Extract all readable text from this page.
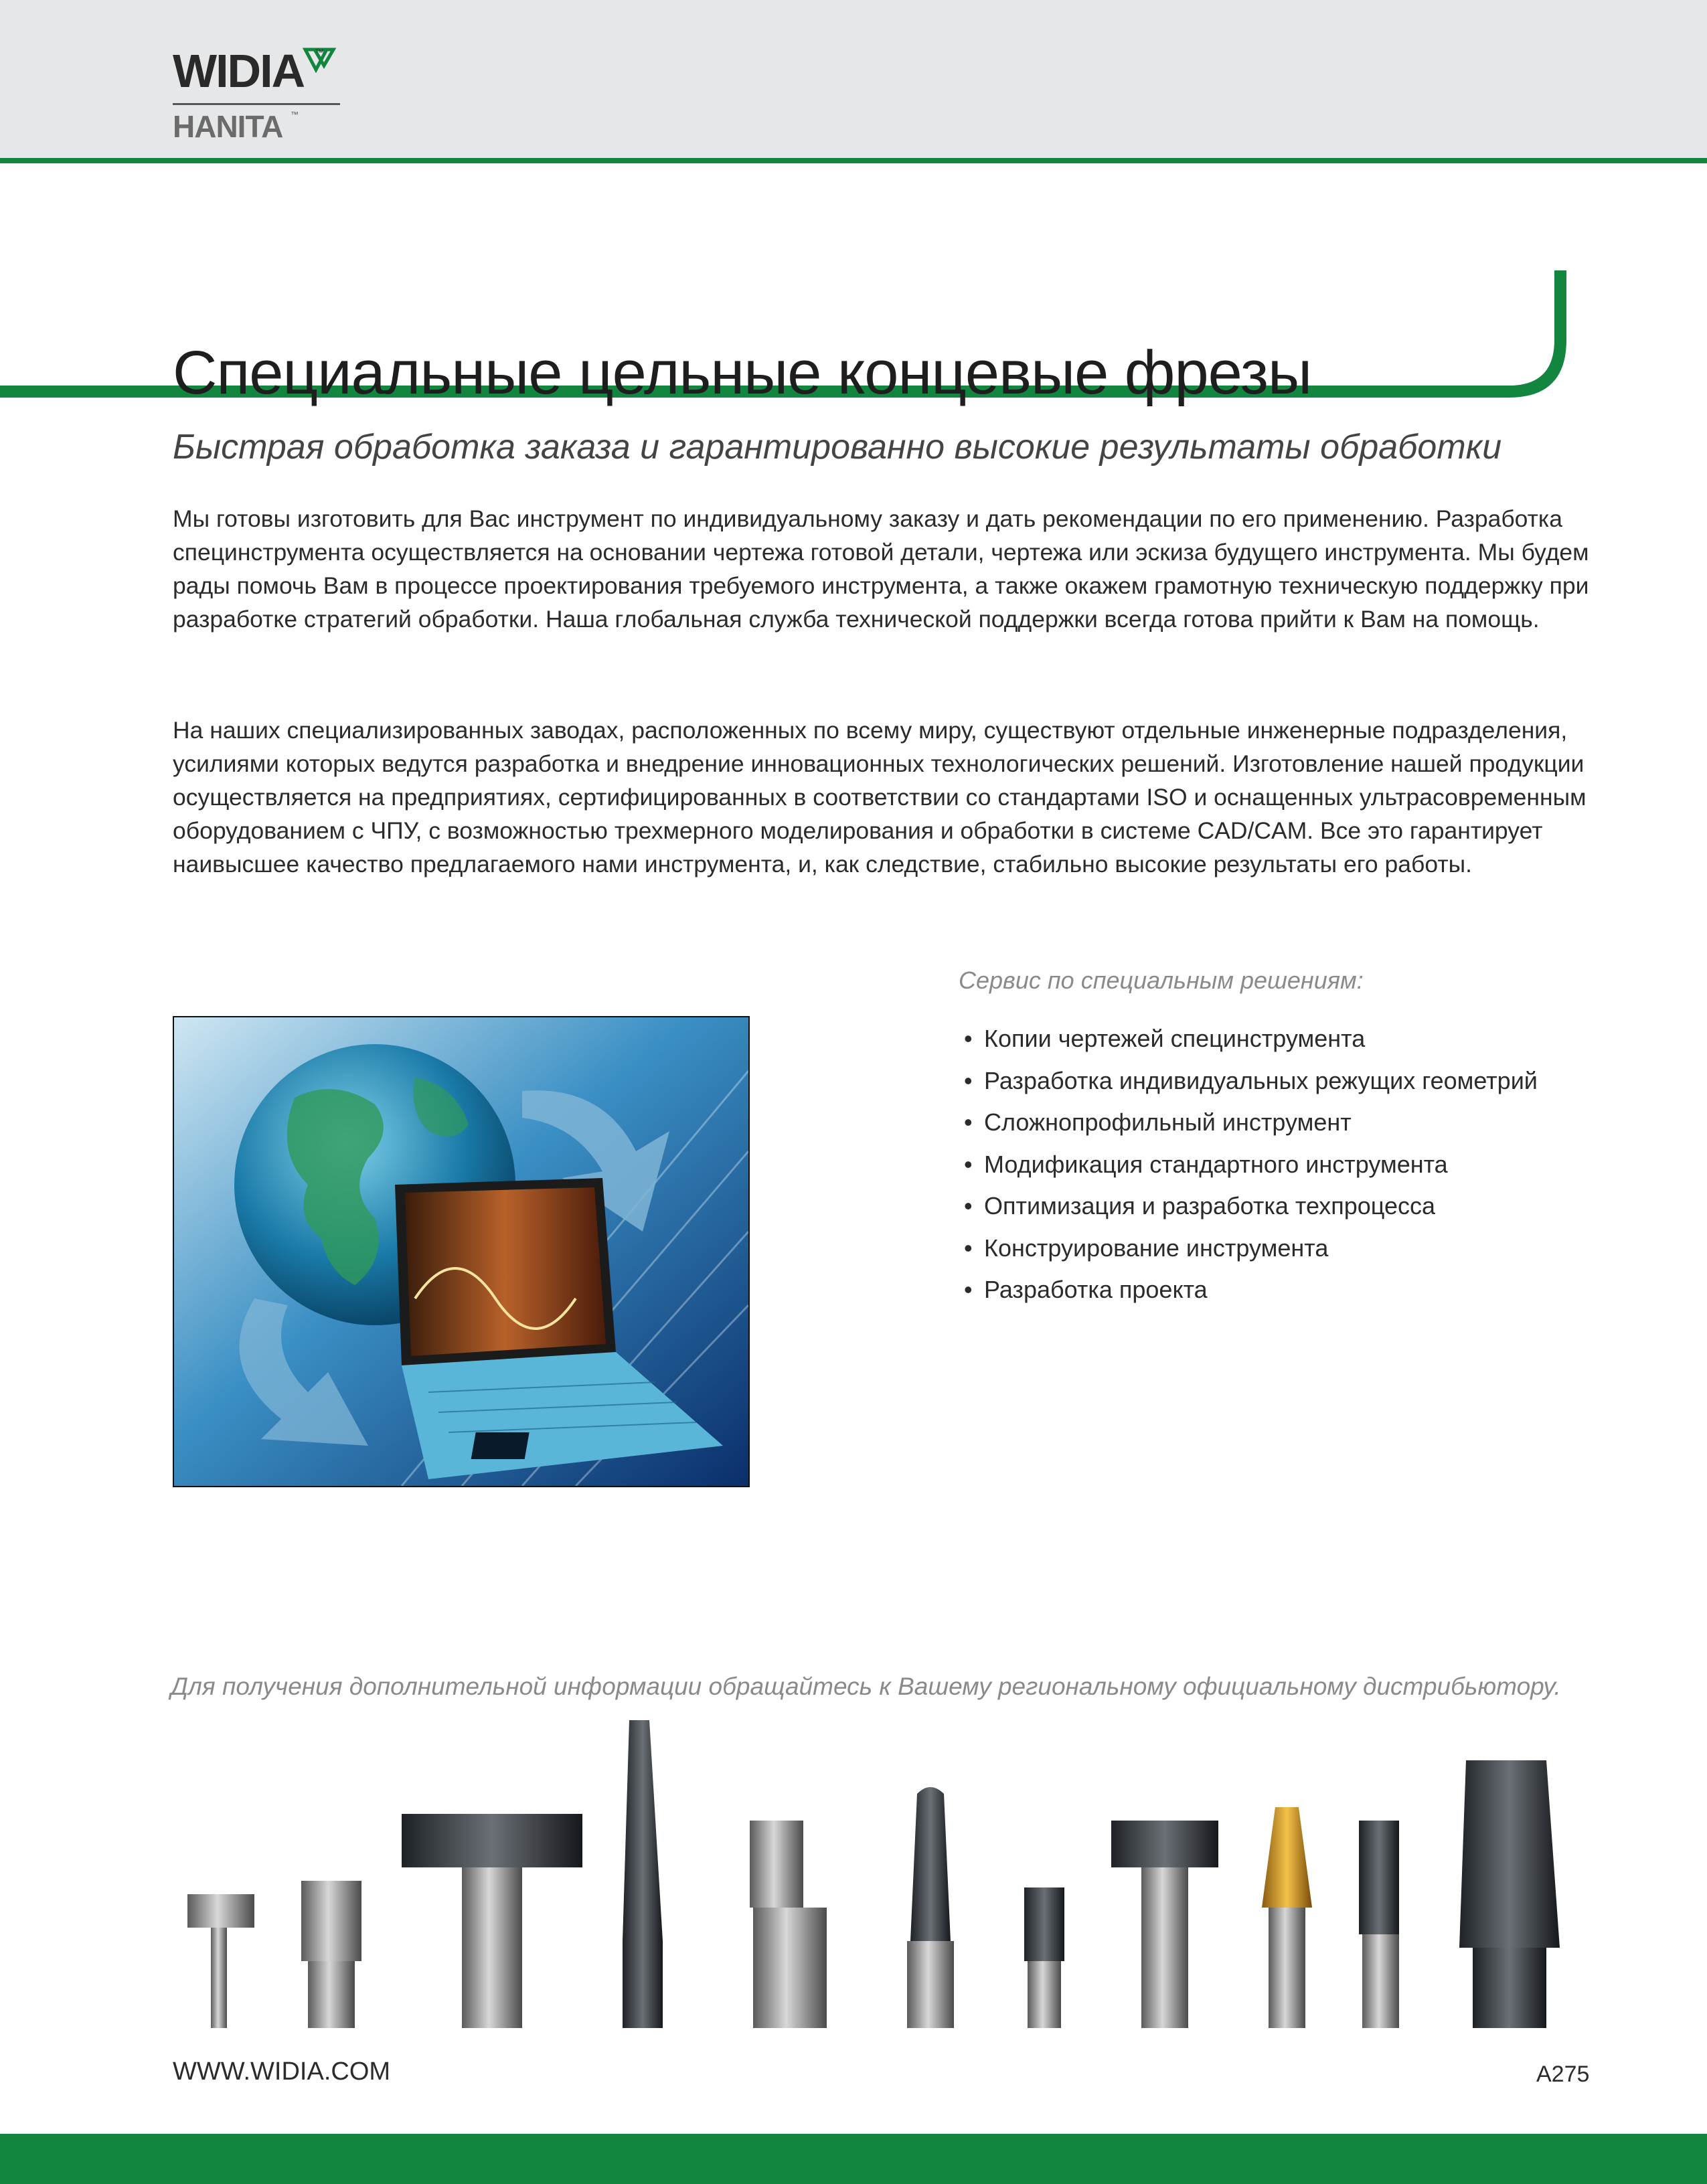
WIDIA ™
HANITA ™
Специальные цельные концевые фрезы
Быстрая обработка заказа и гарантированно высокие результаты обработки

Мы готовы изготовить для Вас инструмент по индивидуальному заказу и дать рекомендации по его применению. Разработка специнструмента осуществляется на основании чертежа готовой детали, чертежа или эскиза будущего инструмента. Мы будем рады помочь Вам в процессе проектирования требуемого инструмента, а также окажем грамотную техническую поддержку при разработке стратегий обработки. Наша глобальная служба технической поддержки всегда готова прийти к Вам на помощь.

На наших специализированных заводах, расположенных по всему миру, существуют отдельные инженерные подразделения, усилиями которых ведутся разработка и внедрение инновационных технологических решений. Изготовление нашей продукции осуществляется на предприятиях, сертифицированных в соответствии со стандартами ISO и оснащенных ультрасовременным оборудованием с ЧПУ, с возможностью трехмерного моделирования и обработки в системе CAD/CAM. Все это гарантирует наивысшее качество предлагаемого нами инструмента, и, как следствие, стабильно высокие результаты его работы.

Сервис по специальным решениям:
• Копии чертежей специнструмента
• Разработка индивидуальных режущих геометрий
• Сложнопрофильный инструмент
• Модификация стандартного инструмента
• Оптимизация и разработка техпроцесса
• Конструирование инструмента
• Разработка проекта
Для получения дополнительной информации обращайтесь к Вашему региональному официальному дистрибьютору.
WWW.WIDIA.COM	A275
